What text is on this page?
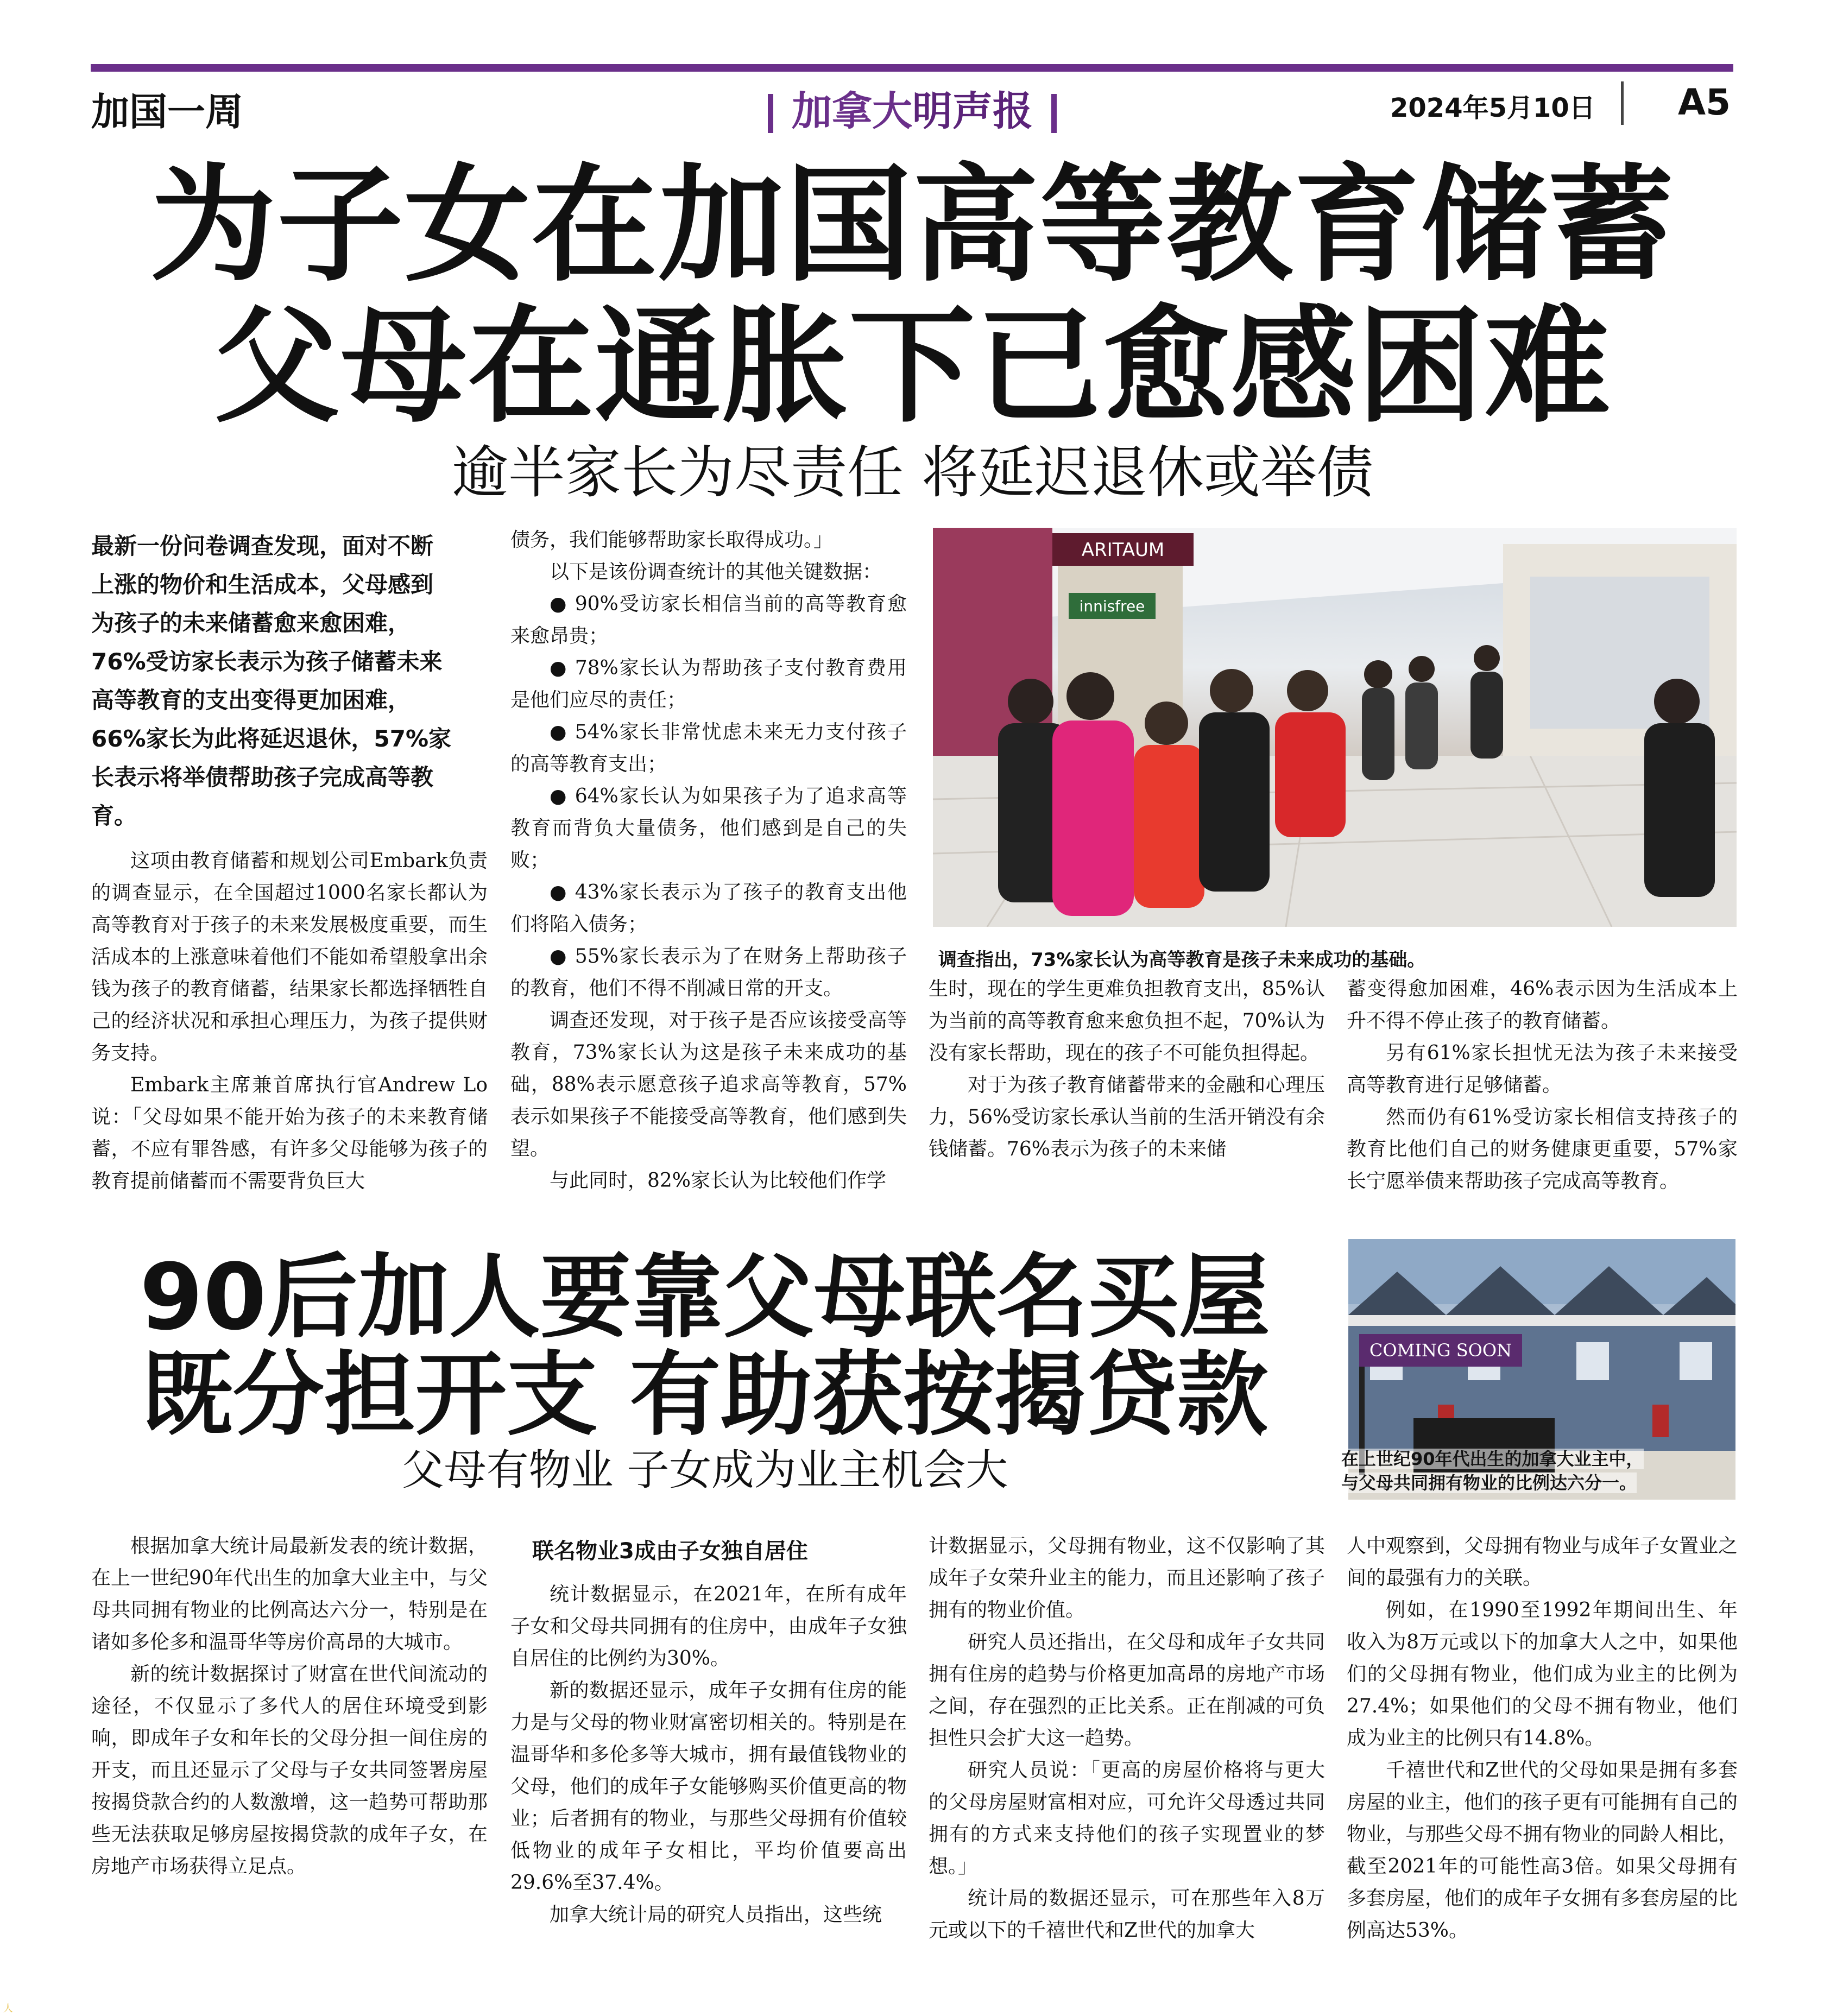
加国一周	加拿大明声报	2024年5月10日 A5
为子女在加国高等教育储蓄
父母在通胀下已愈感困难
逾半家长为尽责任 将延迟退休或举债

最新一份问卷调查发现，面对不断

上涨的物价和生活成本，父母感到

为孩子的未来储蓄愈来愈困难，

76%受访家长表示为孩子储蓄未来

高等教育的支出变得更加困难，

66%家长为此将延迟退休，57%家

长表示将举债帮助孩子完成高等教

育。

这项由教育储蓄和规划公司Embark负责的调查显示，在全国超过1000名家长都认为高等教育对于孩子的未来发展极度重要，而生活成本的上涨意味着他们不能如希望般拿出余钱为孩子的教育储蓄，结果家长都选择牺牲自己的经济状况和承担心理压力，为孩子提供财务支持。

Embark主席兼首席执行官Andrew Lo说：「父母如果不能开始为孩子的未来教育储蓄，不应有罪咎感，有许多父母能够为孩子的教育提前储蓄而不需要背负巨大

债务，我们能够帮助家长取得成功。」

以下是该份调查统计的其他关键数据：

● 90%受访家长相信当前的高等教育愈来愈昂贵；

● 78%家长认为帮助孩子支付教育费用是他们应尽的责任；

● 54%家长非常忧虑未来无力支付孩子的高等教育支出；

● 64%家长认为如果孩子为了追求高等教育而背负大量债务，他们感到是自己的失败；

● 43%家长表示为了孩子的教育支出他们将陷入债务；

● 55%家长表示为了在财务上帮助孩子的教育，他们不得不削减日常的开支。

调查还发现，对于孩子是否应该接受高等教育，73%家长认为这是孩子未来成功的基础，88%表示愿意孩子追求高等教育，57%表示如果孩子不能接受高等教育，他们感到失望。

与此同时，82%家长认为比较他们作学

ARITAUM
innisfree
调查指出，73%家长认为高等教育是孩子未来成功的基础。

生时，现在的学生更难负担教育支出，85%认为当前的高等教育愈来愈负担不起，70%认为没有家长帮助，现在的孩子不可能负担得起。

对于为孩子教育储蓄带来的金融和心理压力，56%受访家长承认当前的生活开销没有余钱储蓄。76%表示为孩子的未来储

蓄变得愈加困难，46%表示因为生活成本上升不得不停止孩子的教育储蓄。

另有61%家长担忧无法为孩子未来接受高等教育进行足够储蓄。

然而仍有61%受访家长相信支持孩子的教育比他们自己的财务健康更重要，57%家长宁愿举债来帮助孩子完成高等教育。

90后加人要靠父母联名买屋
既分担开支 有助获按揭贷款
父母有物业 子女成为业主机会大
COMING SOON
在上世纪90年代出生的加拿大业主中，
与父母共同拥有物业的比例达六分一。

根据加拿大统计局最新发表的统计数据，在上一世纪90年代出生的加拿大业主中，与父母共同拥有物业的比例高达六分一，特别是在诸如多伦多和温哥华等房价高昂的大城市。

新的统计数据探讨了财富在世代间流动的途径，不仅显示了多代人的居住环境受到影响，即成年子女和年长的父母分担一间住房的开支，而且还显示了父母与子女共同签署房屋按揭贷款合约的人数激增，这一趋势可帮助那些无法获取足够房屋按揭贷款的成年子女，在房地产市场获得立足点。

联名物业3成由子女独自居住

统计数据显示，在2021年，在所有成年子女和父母共同拥有的住房中，由成年子女独自居住的比例约为30%。

新的数据还显示，成年子女拥有住房的能力是与父母的物业财富密切相关的。特别是在温哥华和多伦多等大城市，拥有最值钱物业的父母，他们的成年子女能够购买价值更高的物业；后者拥有的物业，与那些父母拥有价值较低物业的成年子女相比，平均价值要高出29.6%至37.4%。

加拿大统计局的研究人员指出，这些统

计数据显示，父母拥有物业，这不仅影响了其成年子女荣升业主的能力，而且还影响了孩子拥有的物业价值。

研究人员还指出，在父母和成年子女共同拥有住房的趋势与价格更加高昂的房地产市场之间，存在强烈的正比关系。正在削减的可负担性只会扩大这一趋势。

研究人员说：「更高的房屋价格将与更大的父母房屋财富相对应，可允许父母透过共同拥有的方式来支持他们的孩子实现置业的梦想。」

统计局的数据还显示，可在那些年入8万元或以下的千禧世代和Z世代的加拿大

人中观察到，父母拥有物业与成年子女置业之间的最强有力的关联。

例如，在1990至1992年期间出生、年收入为8万元或以下的加拿大人之中，如果他们的父母拥有物业，他们成为业主的比例为27.4%；如果他们的父母不拥有物业，他们成为业主的比例只有14.8%。

千禧世代和Z世代的父母如果是拥有多套房屋的业主，他们的孩子更有可能拥有自己的物业，与那些父母不拥有物业的同龄人相比，截至2021年的可能性高3倍。如果父母拥有多套房屋，他们的成年子女拥有多套房屋的比例高达53%。

人
